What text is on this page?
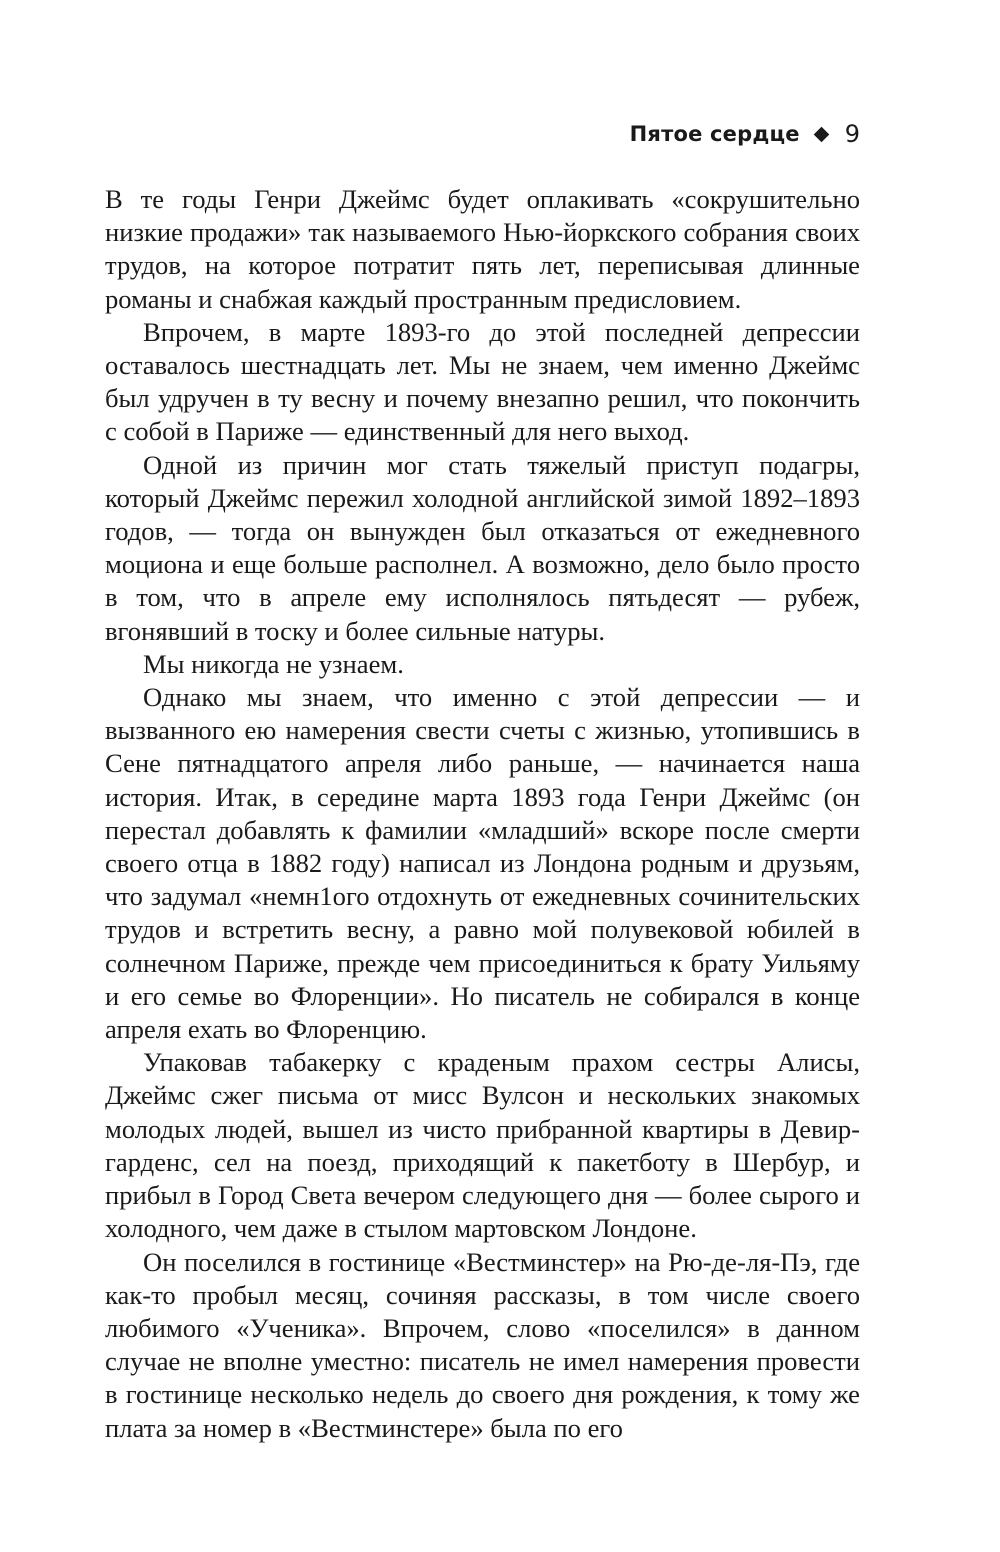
Пятое сердце 9

В те годы Генри Джеймс будет оплакивать «сокрушительно низкие продажи» так называемого Нью-йоркского собрания своих трудов, на которое потратит пять лет, переписывая длинные романы и снабжая каждый пространным предисловием.

Впрочем, в марте 1893-го до этой последней депрессии оставалось шестнадцать лет. Мы не знаем, чем именно Джеймс был удручен в ту весну и почему внезапно решил, что покончить с собой в Париже — единственный для него выход.

Одной из причин мог стать тяжелый приступ подагры, который Джеймс пережил холодной английской зимой 1892–1893 годов, — тогда он вынужден был отказаться от ежедневного моциона и еще больше располнел. А возможно, дело было просто в том, что в апреле ему исполнялось пятьдесят — рубеж, вгонявший в тоску и более сильные натуры.

Мы никогда не узнаем.

Однако мы знаем, что именно с этой депрессии — и вызванного ею намерения свести счеты с жизнью, утопившись в Сене пятнадцатого апреля либо раньше, — начинается наша история. Итак, в середине марта 1893 года Генри Джеймс (он перестал добавлять к фамилии «младший» вскоре после смерти своего отца в 1882 году) написал из Лондона родным и друзьям, что задумал «немн1ого отдохнуть от ежедневных сочинительских трудов и встретить весну, а равно мой полувековой юбилей в солнечном Париже, прежде чем присоединиться к брату Уильяму и его семье во Флоренции». Но писатель не собирался в конце апреля ехать во Флоренцию.

Упаковав табакерку с краденым прахом сестры Алисы, Джеймс сжег письма от мисс Вулсон и нескольких знакомых молодых людей, вышел из чисто прибранной квартиры в Девир-гарденс, сел на поезд, приходящий к пакетботу в Шербур, и прибыл в Город Света вечером следующего дня — более сырого и холодного, чем даже в стылом мартовском Лондоне.

Он поселился в гостинице «Вестминстер» на Рю-де-ля-Пэ, где как-то пробыл месяц, сочиняя рассказы, в том числе своего любимого «Ученика». Впрочем, слово «поселился» в данном случае не вполне уместно: писатель не имел намерения провести в гостинице несколько недель до своего дня рождения, к тому же плата за номер в «Вестминстере» была по его
